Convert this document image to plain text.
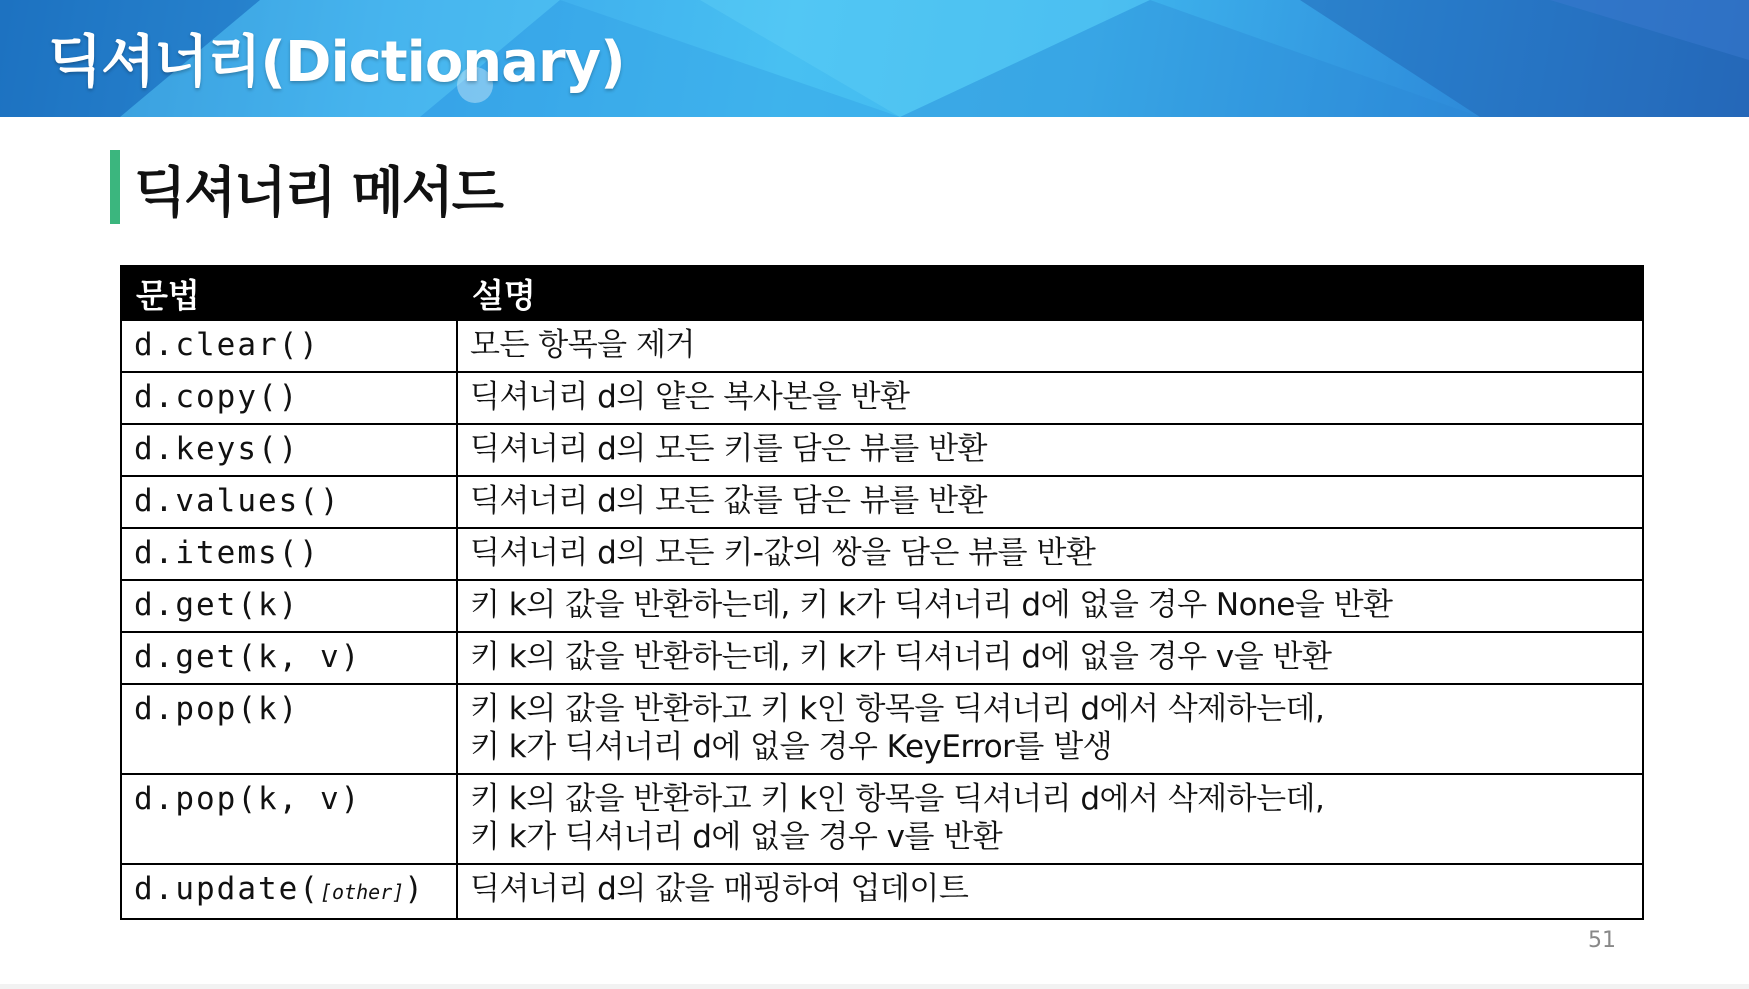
딕셔너리(Dictionary)
딕셔너리 메서드
문법	설명
d.clear()	모든 항목을 제거
d.copy()	딕셔너리 d의 얕은 복사본을 반환
d.keys()	딕셔너리 d의 모든 키를 담은 뷰를 반환
d.values()	딕셔너리 d의 모든 값를 담은 뷰를 반환
d.items()	딕셔너리 d의 모든 키-값의 쌍을 담은 뷰를 반환
d.get(k)	키 k의 값을 반환하는데, 키 k가 딕셔너리 d에 없을 경우 None을 반환
d.get(k, v)	키 k의 값을 반환하는데, 키 k가 딕셔너리 d에 없을 경우 v을 반환
d.pop(k)	키 k의 값을 반환하고 키 k인 항목을 딕셔너리 d에서 삭제하는데,
키 k가 딕셔너리 d에 없을 경우 KeyError를 발생

d.pop(k, v)	키 k의 값을 반환하고 키 k인 항목을 딕셔너리 d에서 삭제하는데,
키 k가 딕셔너리 d에 없을 경우 v를 반환

d.update([other])	딕셔너리 d의 값을 매핑하여 업데이트
51
